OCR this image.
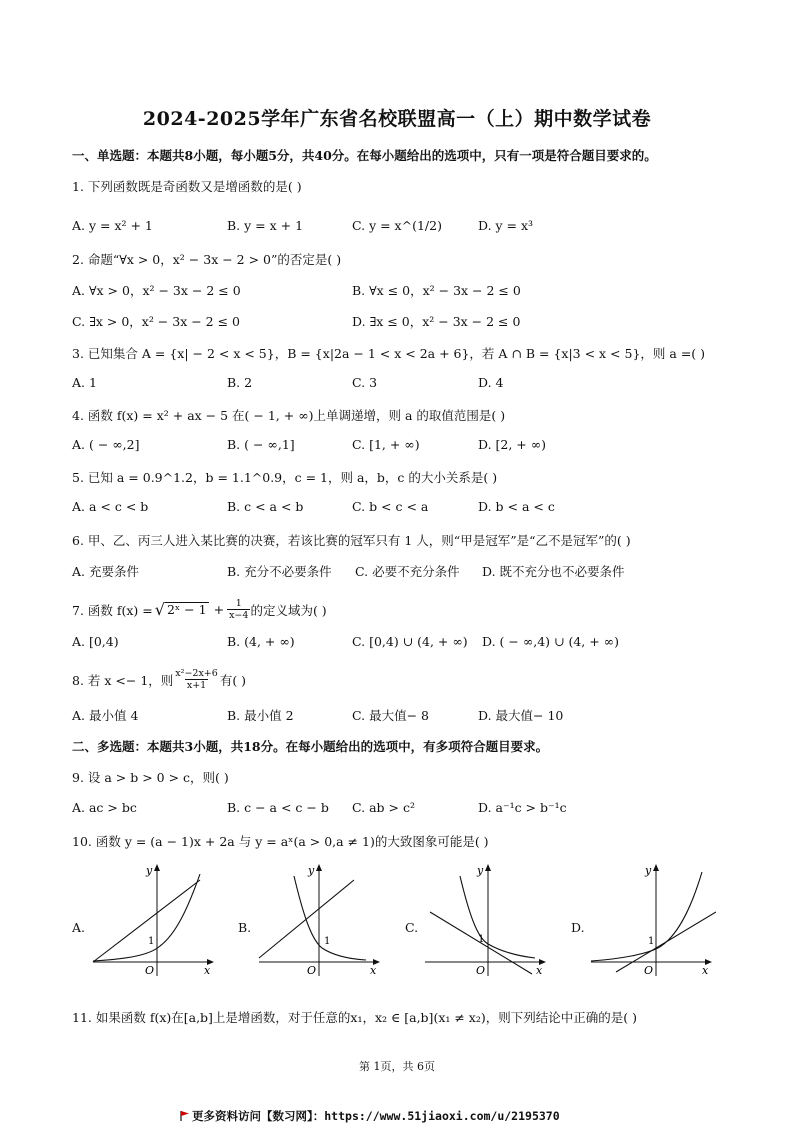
2024-2025学年广东省名校联盟高一（上）期中数学试卷
一、单选题：本题共8小题，每小题5分，共40分。在每小题给出的选项中，只有一项是符合题目要求的。
1. 下列函数既是奇函数又是增函数的是( )
A. y = x² + 1	B. y = x + 1	C. y = x^(1/2)	D. y = x³
2. 命题“∀x > 0，x² − 3x − 2 > 0”的否定是( )
A. ∀x > 0，x² − 3x − 2 ≤ 0	B. ∀x ≤ 0，x² − 3x − 2 ≤ 0
C. ∃x > 0，x² − 3x − 2 ≤ 0	D. ∃x ≤ 0，x² − 3x − 2 ≤ 0
3. 已知集合 A = {x| − 2 < x < 5}，B = {x|2a − 1 < x < 2a + 6}，若 A ∩ B = {x|3 < x < 5}，则 a =( )
A. 1	B. 2	C. 3	D. 4
4. 函数 f(x) = x² + ax − 5 在( − 1, + ∞)上单调递增，则 a 的取值范围是( )
A. ( − ∞,2]	B. ( − ∞,1]	C. [1, + ∞)	D. [2, + ∞)
5. 已知 a = 0.9^1.2，b = 1.1^0.9，c = 1，则 a，b，c 的大小关系是( )
A. a < c < b	B. c < a < b	C. b < c < a	D. b < a < c
6. 甲、乙、丙三人进入某比赛的决赛，若该比赛的冠军只有 1 人，则“甲是冠军”是“乙不是冠军”的( )
A. 充要条件	B. 充分不必要条件 C. 必要不充分条件 D. 既不充分也不必要条件
7. 函数 f(x) = √ 2ˣ − $1 + \frac{1}{x-4}$ 的定义域为( )
A. [0,4)	B. (4, + ∞)	C. [0,4) ∪ (4, + ∞) D. ( − ∞,4) ∪ (4, + ∞)
8. 若 x <− 1，则 $\frac{\text{x²−2x+6}}{x+1}$ 有( )
A. 最小值 4	B. 最小值 2	C. 最大值− 8	D. 最大值− 10
二、多选题：本题共3小题，共18分。在每小题给出的选项中，有多项符合题目要求。
9. 设 a > b > 0 > c，则( )
A. ac > bc	B. c − a < c − b C. ab > c²	D. a⁻¹c > b⁻¹c
10. 函数 y = (a − 1)x + 2a 与 y = aˣ(a > 0,a ≠ 1)的大致图象可能是( )
A.
y
x
O
1
B.
y
x
O
1
C.
y
x
O
1
D.
y
x
O
1
11. 如果函数 f(x)在[a,b]上是增函数，对于任意的x₁，x₂ ∈ [a,b](x₁ ≠ x₂)，则下列结论中正确的是( )
第 1页，共 6页
更多资料访问【数习网】：https://www.51jiaoxi.com/u/2195370
